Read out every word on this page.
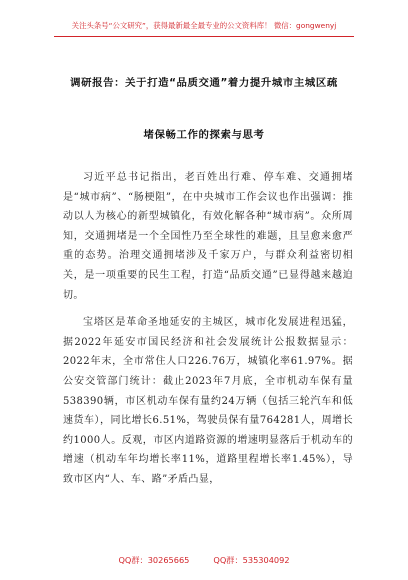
关注头条号“公文研究”，获得最新最全最专业的公文资料库！ 微信：gongwenyj
调研报告：关于打造“品质交通”着力提升城市主城区疏
堵保畅工作的探索与思考

习近平总书记指出，老百姓出行难、停车难、交通拥堵是“城市病”、“肠梗阻”，在中央城市工作会议也作出强调：推动以人为核心的新型城镇化，有效化解各种“城市病”。众所周知，交通拥堵是一个全国性乃至全球性的难题，且呈愈来愈严重的态势。治理交通拥堵涉及千家万户，与群众利益密切相关，是一项重要的民生工程，打造“品质交通”已显得越来越迫切。

宝塔区是革命圣地延安的主城区，城市化发展进程迅猛，据2022年延安市国民经济和社会发展统计公报数据显示：2022年末，全市常住人口226.76万，城镇化率61.97%。据公安交管部门统计：截止2023年7月底，全市机动车保有量538390辆，市区机动车保有量约24万辆（包括三轮汽车和低速货车），同比增长6.51%，驾驶员保有量764281人，周增长约1000人。反观，市区内道路资源的增速明显落后于机动车的增速（机动车年均增长率11%，道路里程增长率1.45%），导致市区内“人、车、路”矛盾凸显，

QQ群：30265665	QQ群：535304092
